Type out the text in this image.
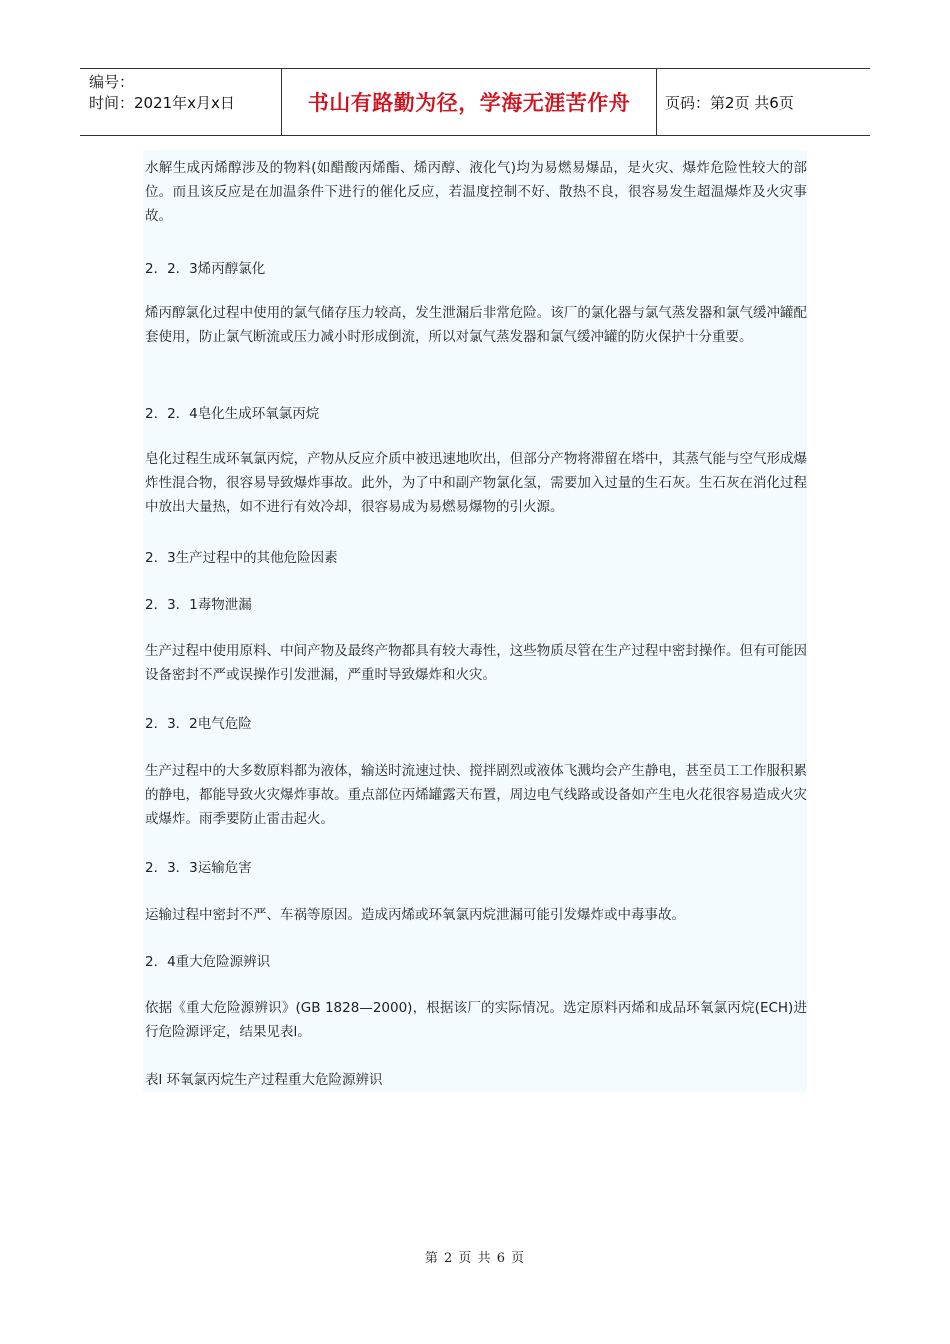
编号：
时间：2021年x月x日	书山有路勤为径，学海无涯苦作舟	页码：第2页 共6页

水解生成丙烯醇涉及的物料(如醋酸丙烯酯、烯丙醇、液化气)均为易燃易爆品，是火灾、爆炸危险性较大的部位。而且该反应是在加温条件下进行的催化反应，若温度控制不好、散热不良，很容易发生超温爆炸及火灾事故。

2．2．3烯丙醇氯化

烯丙醇氯化过程中使用的氯气储存压力较高，发生泄漏后非常危险。该厂的氯化器与氯气蒸发器和氯气缓冲罐配套使用，防止氯气断流或压力减小时形成倒流，所以对氯气蒸发器和氯气缓冲罐的防火保护十分重要。

2．2．4皂化生成环氧氯丙烷

皂化过程生成环氧氯丙烷，产物从反应介质中被迅速地吹出，但部分产物将滞留在塔中，其蒸气能与空气形成爆炸性混合物，很容易导致爆炸事故。此外，为了中和副产物氯化氢，需要加入过量的生石灰。生石灰在消化过程中放出大量热，如不进行有效冷却，很容易成为易燃易爆物的引火源。

2．3生产过程中的其他危险因素

2．3．1毒物泄漏

生产过程中使用原料、中间产物及最终产物都具有较大毒性，这些物质尽管在生产过程中密封操作。但有可能因设备密封不严或误操作引发泄漏，严重时导致爆炸和火灾。

2．3．2电气危险

生产过程中的大多数原料都为液体，输送时流速过快、搅拌剧烈或液体飞溅均会产生静电，甚至员工工作服积累的静电，都能导致火灾爆炸事故。重点部位丙烯罐露天布置，周边电气线路或设备如产生电火花很容易造成火灾或爆炸。雨季要防止雷击起火。

2．3．3运输危害

运输过程中密封不严、车祸等原因。造成丙烯或环氧氯丙烷泄漏可能引发爆炸或中毒事故。

2．4重大危险源辨识

依据《重大危险源辨识》(GB 1828—2000)，根据该厂的实际情况。选定原料丙烯和成品环氧氯丙烷(ECH)进行危险源评定，结果见表l。

表l 环氧氯丙烷生产过程重大危险源辨识

第 2 页 共 6 页
